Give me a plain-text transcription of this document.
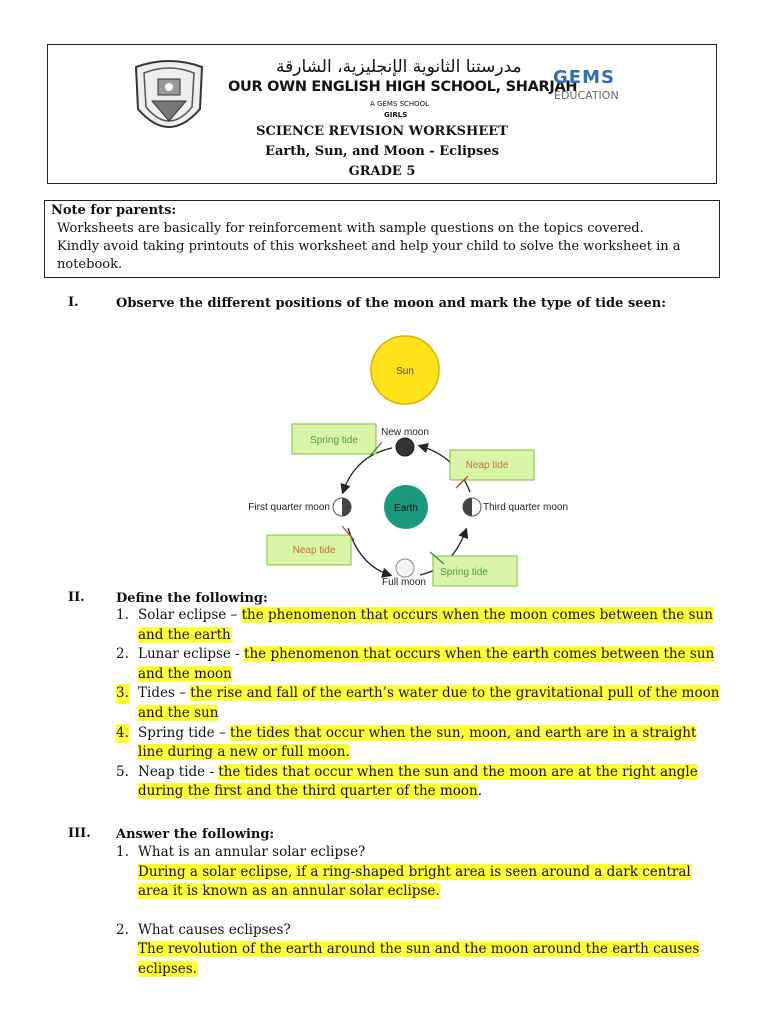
مدرستنا الثانوية الإنجليزية، الشارقة
OUR OWN ENGLISH HIGH SCHOOL, SHARJAH
A GEMS SCHOOL
GIRLS
GEMS
EDUCATION
SCIENCE REVISION WORKSHEET
Earth, Sun, and Moon - Eclipses
GRADE 5
Note for parents:
Worksheets are basically for reinforcement with sample questions on the topics covered.
Kindly avoid taking printouts of this worksheet and help your child to solve the worksheet in a notebook.
I.	Observe the different positions of the moon and mark the type of tide seen:
Sun
Earth
New moon
First quarter moon	Third quarter moon
Full moon
Spring tide
Neap tide
Neap tide
Spring tide
II. Define the following:

1. Solar eclipse – the phenomenon that occurs when the moon comes between the sun and the earth

2. Lunar eclipse - the phenomenon that occurs when the earth comes between the sun and the moon

3. Tides – the rise and fall of the earth’s water due to the gravitational pull of the moon and the sun

4. Spring tide – the tides that occur when the sun, moon, and earth are in a straight line during a new or full moon.

5. Neap tide - the tides that occur when the sun and the moon are at the right angle during the first and the third quarter of the moon.

III. Answer the following:

1. What is an annular solar eclipse?

During a solar eclipse, if a ring-shaped bright area is seen around a dark central area it is known as an annular solar eclipse.

2. What causes eclipses?

The revolution of the earth around the sun and the moon around the earth causes eclipses.
